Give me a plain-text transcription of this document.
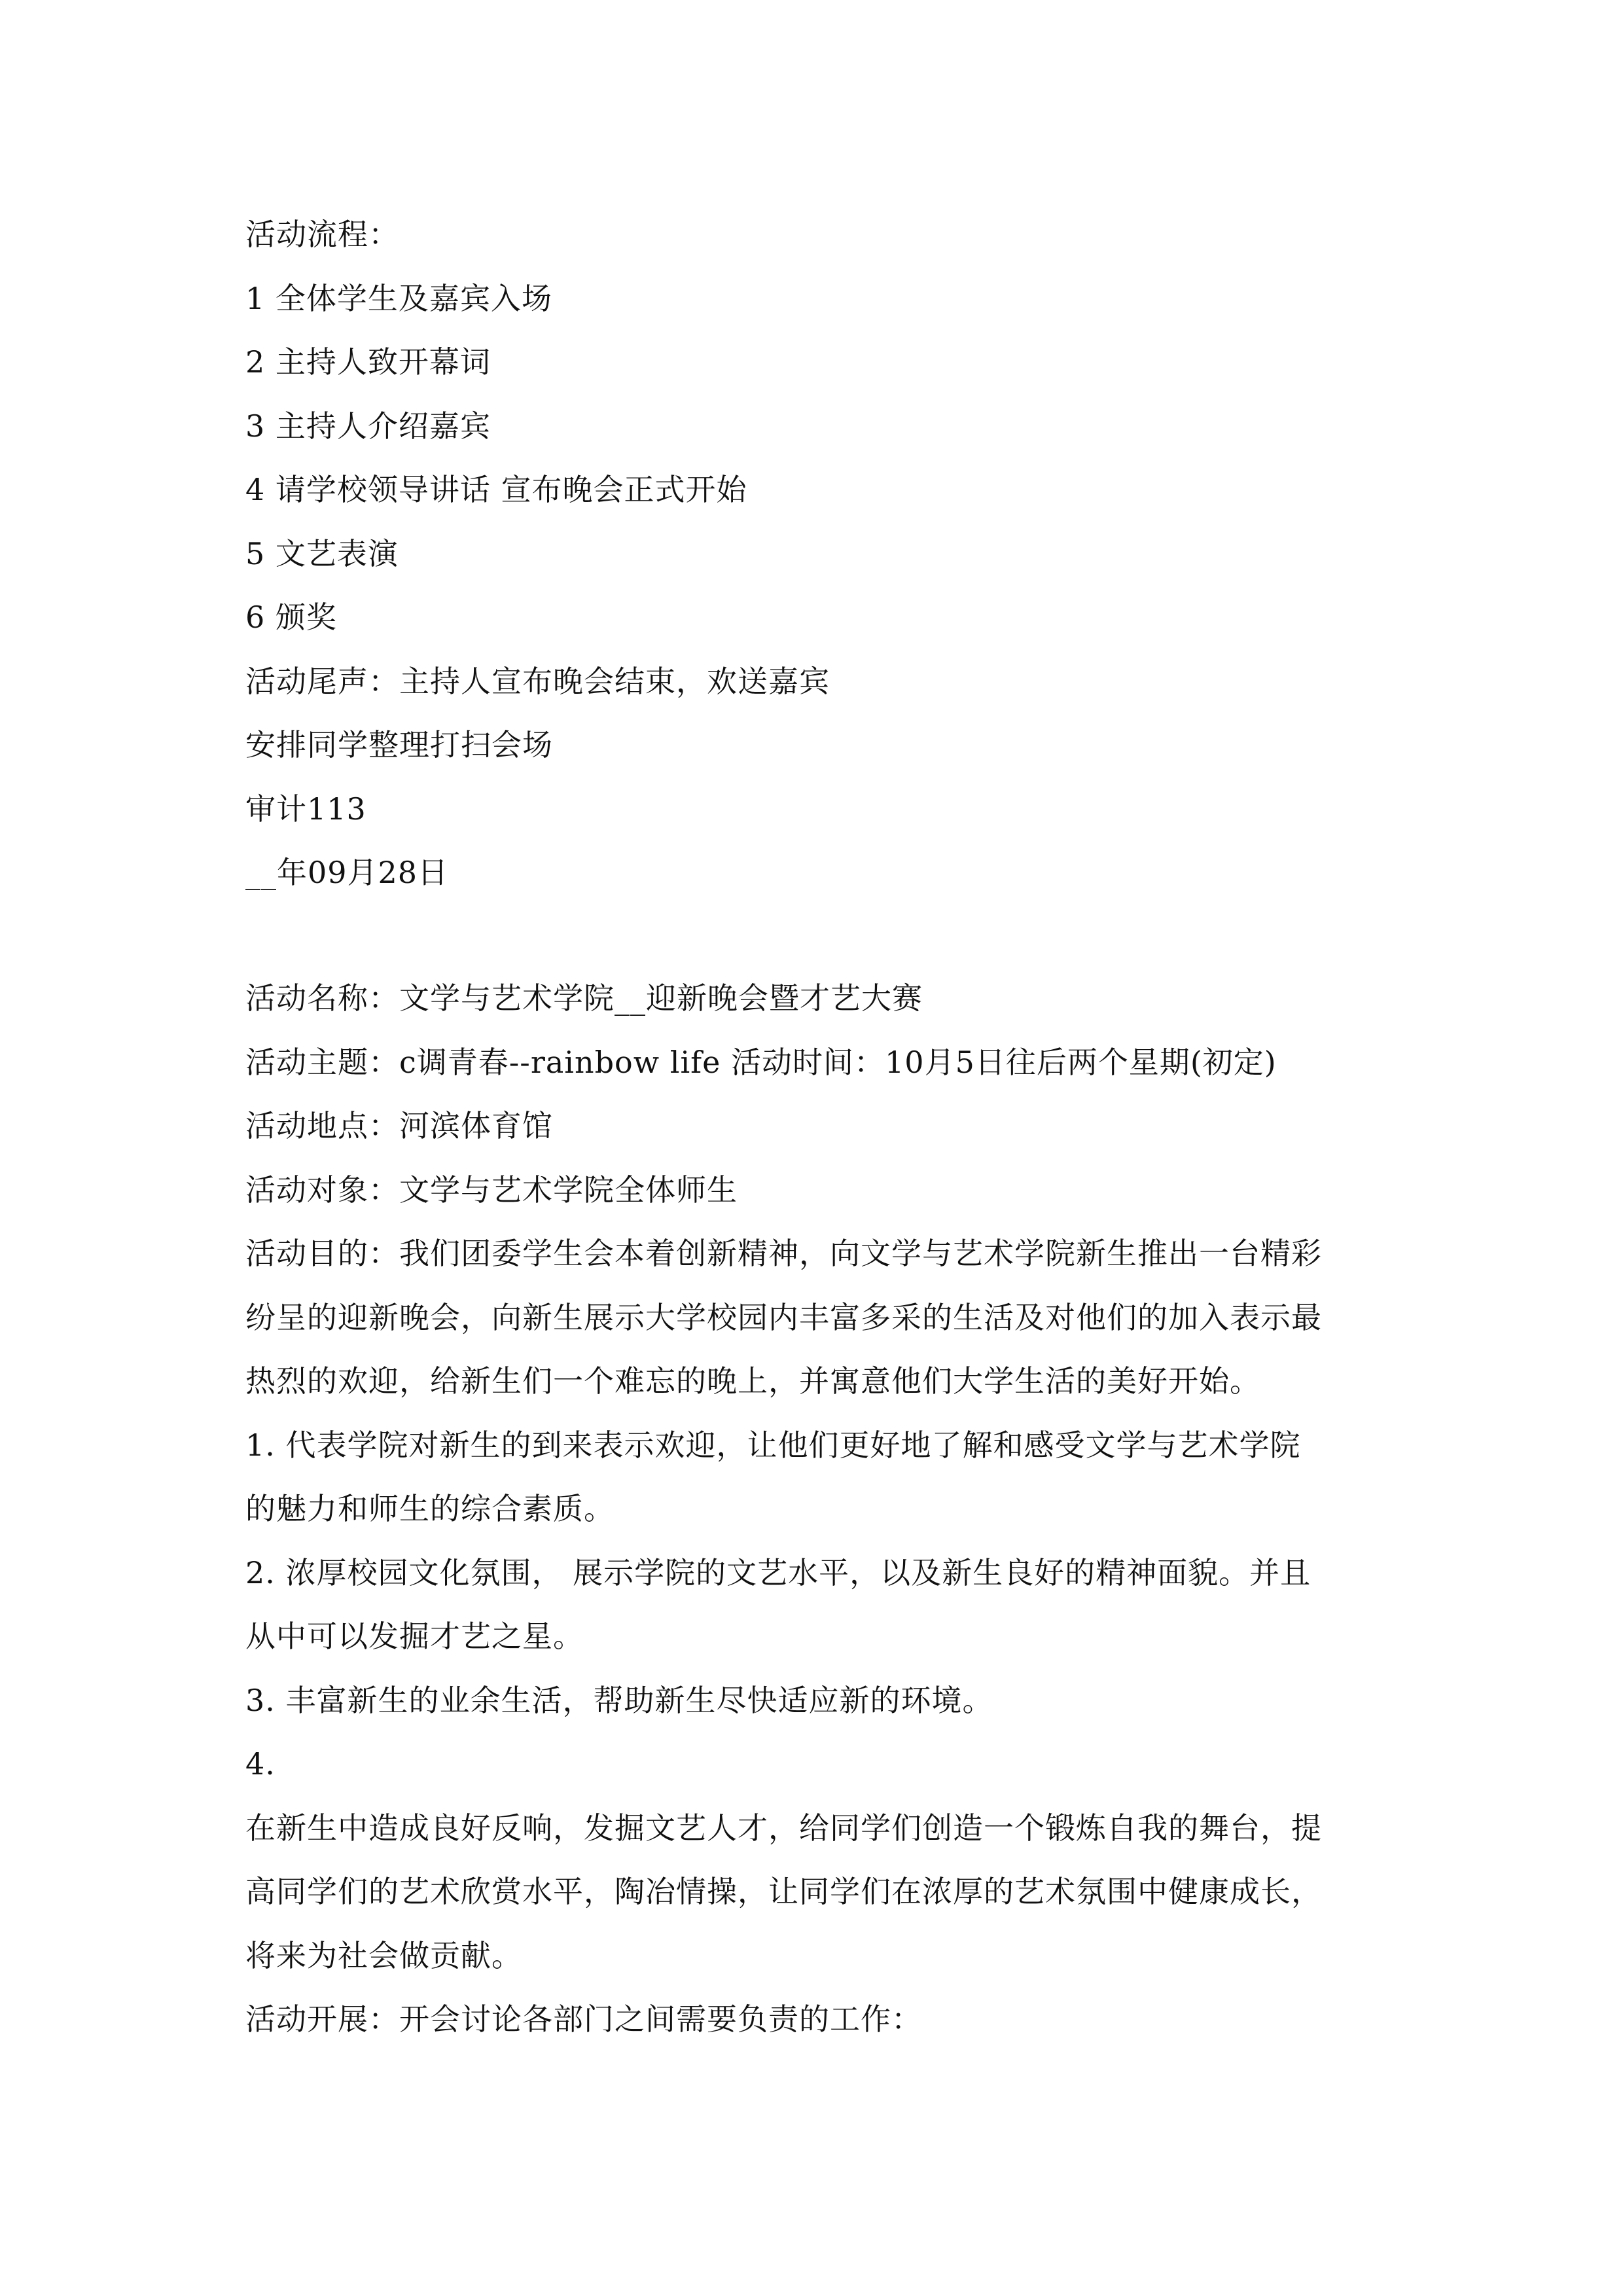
活动流程：
1 全体学生及嘉宾入场
2 主持人致开幕词
3 主持人介绍嘉宾
4 请学校领导讲话 宣布晚会正式开始
5 文艺表演
6 颁奖
活动尾声：主持人宣布晚会结束，欢送嘉宾
安排同学整理打扫会场
审计113
__年09月28日
活动名称：文学与艺术学院__迎新晚会暨才艺大赛
活动主题：c调青春--rainbow life 活动时间：10月5日往后两个星期(初定)
活动地点：河滨体育馆
活动对象：文学与艺术学院全体师生
活动目的：我们团委学生会本着创新精神，向文学与艺术学院新生推出一台精彩
纷呈的迎新晚会，向新生展示大学校园内丰富多采的生活及对他们的加入表示最
热烈的欢迎，给新生们一个难忘的晚上，并寓意他们大学生活的美好开始。
1. 代表学院对新生的到来表示欢迎，让他们更好地了解和感受文学与艺术学院
的魅力和师生的综合素质。
2. 浓厚校园文化氛围， 展示学院的文艺水平，以及新生良好的精神面貌。并且
从中可以发掘才艺之星。
3. 丰富新生的业余生活，帮助新生尽快适应新的环境。
4.
在新生中造成良好反响，发掘文艺人才，给同学们创造一个锻炼自我的舞台，提
高同学们的艺术欣赏水平，陶冶情操，让同学们在浓厚的艺术氛围中健康成长，
将来为社会做贡献。
活动开展：开会讨论各部门之间需要负责的工作：
